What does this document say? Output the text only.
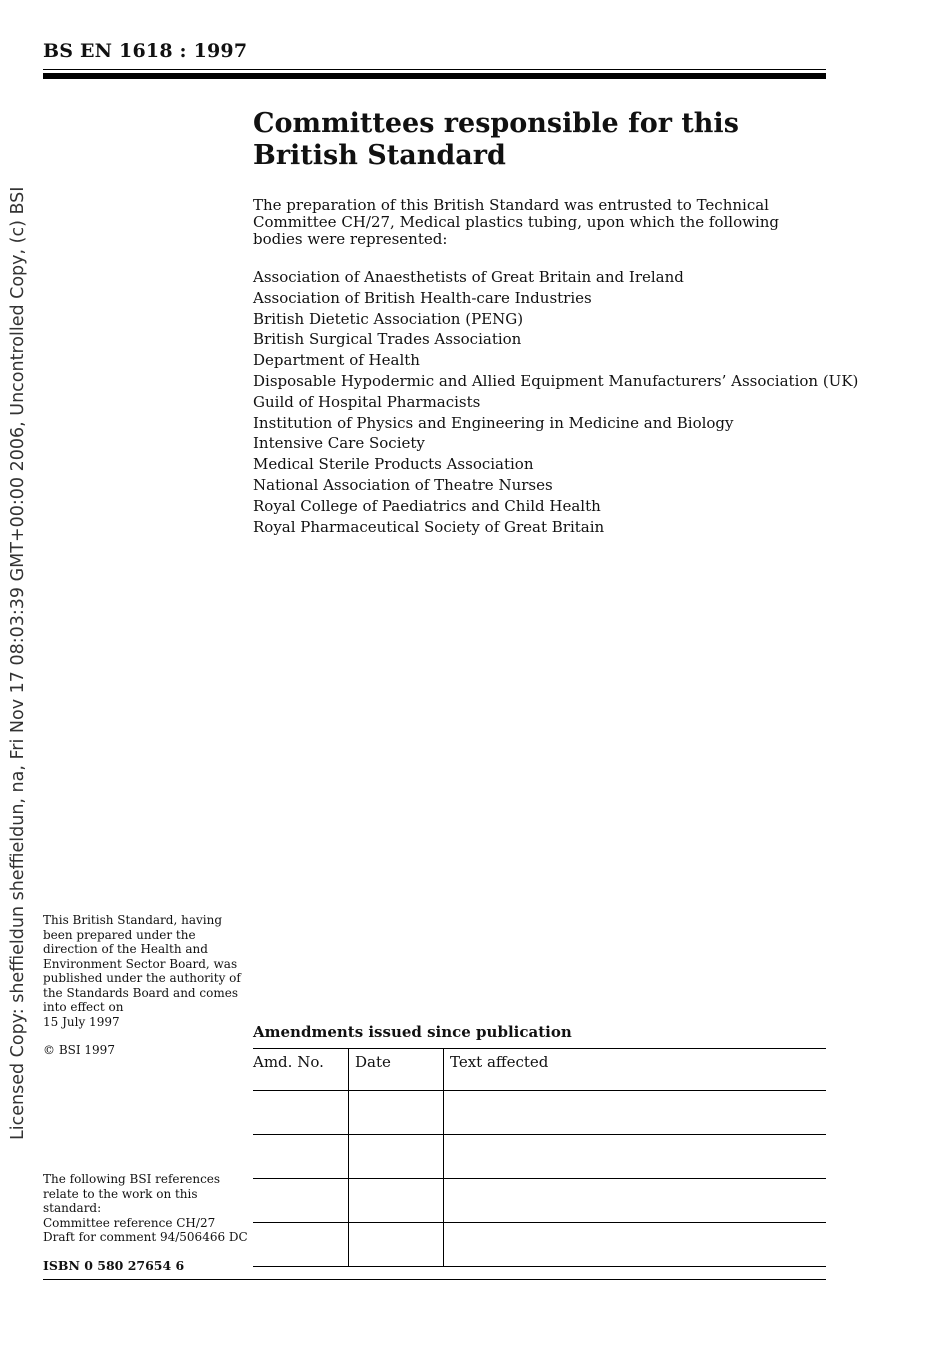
BS EN 1618 : 1997
Licensed Copy: sheffieldun sheffieldun, na, Fri Nov 17 08:03:39 GMT+00:00 2006, Uncontrolled Copy, (c) BSI
Committees responsible for this
British Standard

The preparation of this British Standard was entrusted to Technical Committee CH/27, Medical plastics tubing, upon which the following bodies were represented:

Association of Anaesthetists of Great Britain and Ireland
Association of British Health-care Industries
British Dietetic Association (PENG)
British Surgical Trades Association
Department of Health
Disposable Hypodermic and Allied Equipment Manufacturers’ Association (UK)
Guild of Hospital Pharmacists
Institution of Physics and Engineering in Medicine and Biology
Intensive Care Society
Medical Sterile Products Association
National Association of Theatre Nurses
Royal College of Paediatrics and Child Health
Royal Pharmaceutical Society of Great Britain

This British Standard, having been prepared under the direction of the Health and Environment Sector Board, was published under the authority of the Standards Board and comes into effect on
15 July 1997

© BSI 1997

The following BSI references relate to the work on this standard:
Committee reference CH/27
Draft for comment 94/506466 DC

ISBN 0 580 27654 6

Amendments issued since publication

Amd. No.	Date	Text affected
